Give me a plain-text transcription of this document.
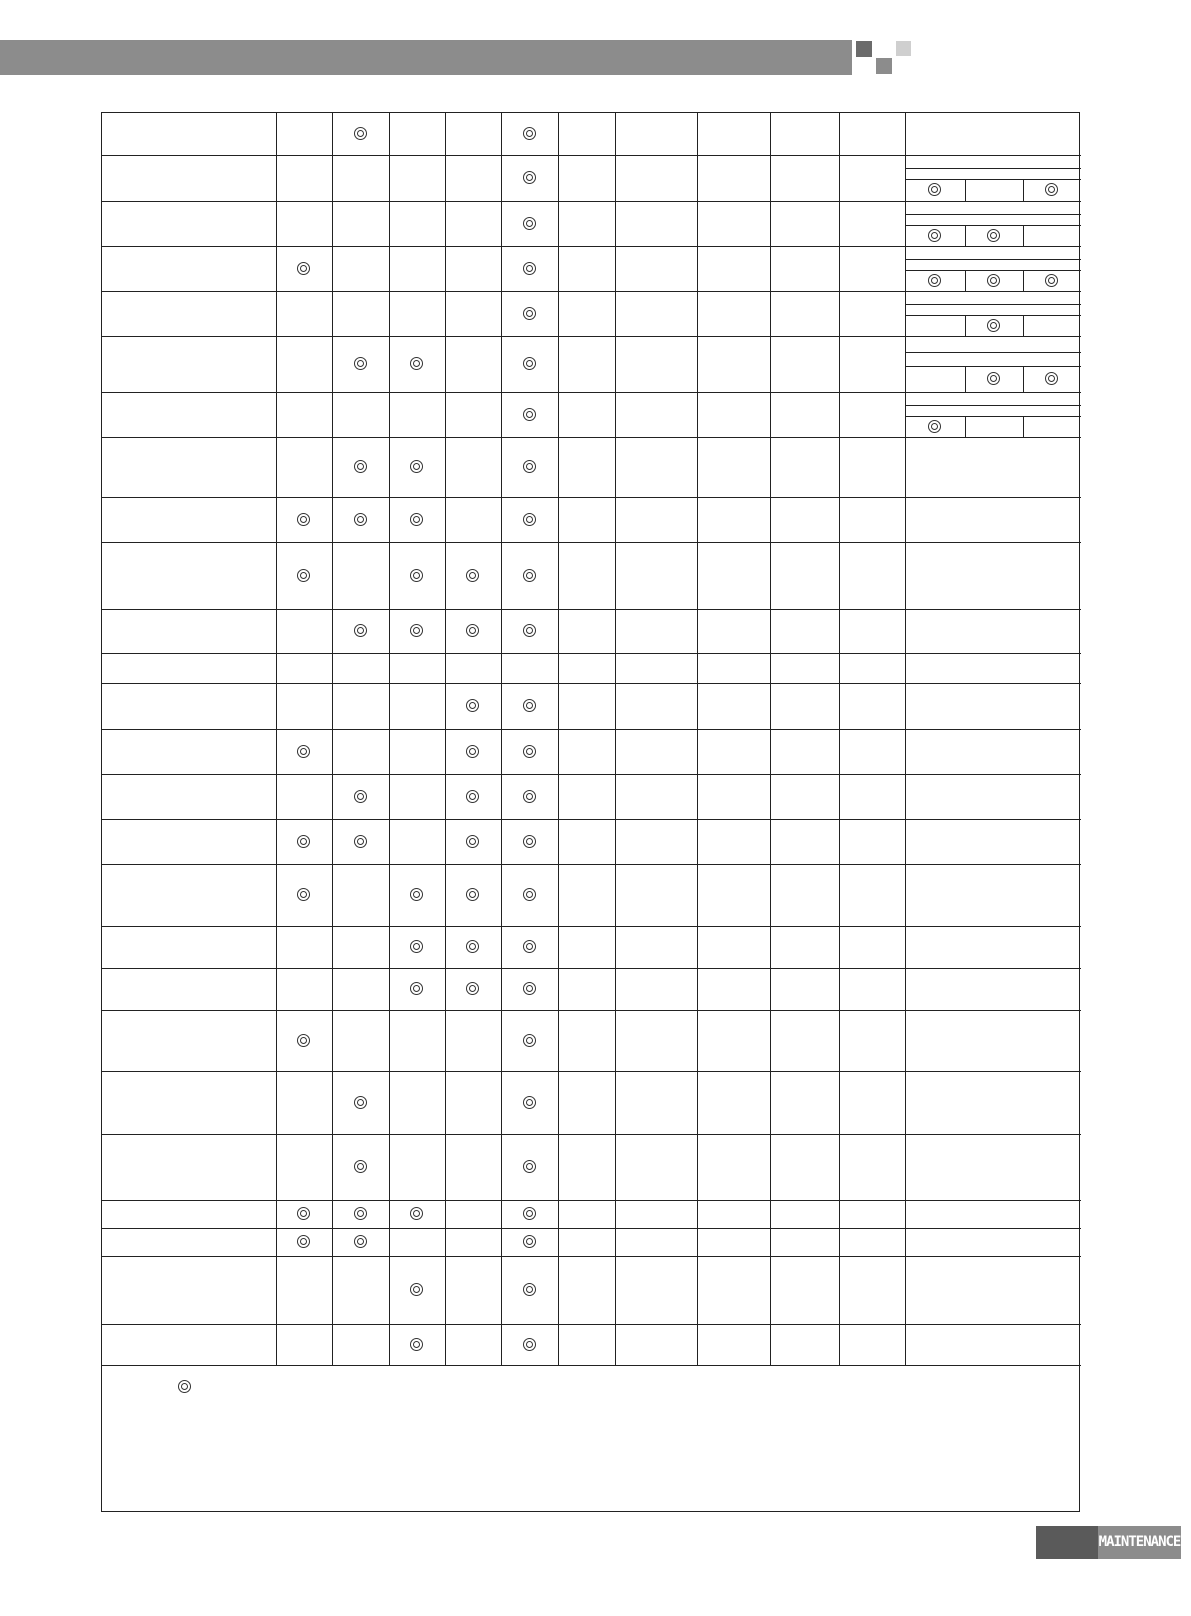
MAINTENANCE
